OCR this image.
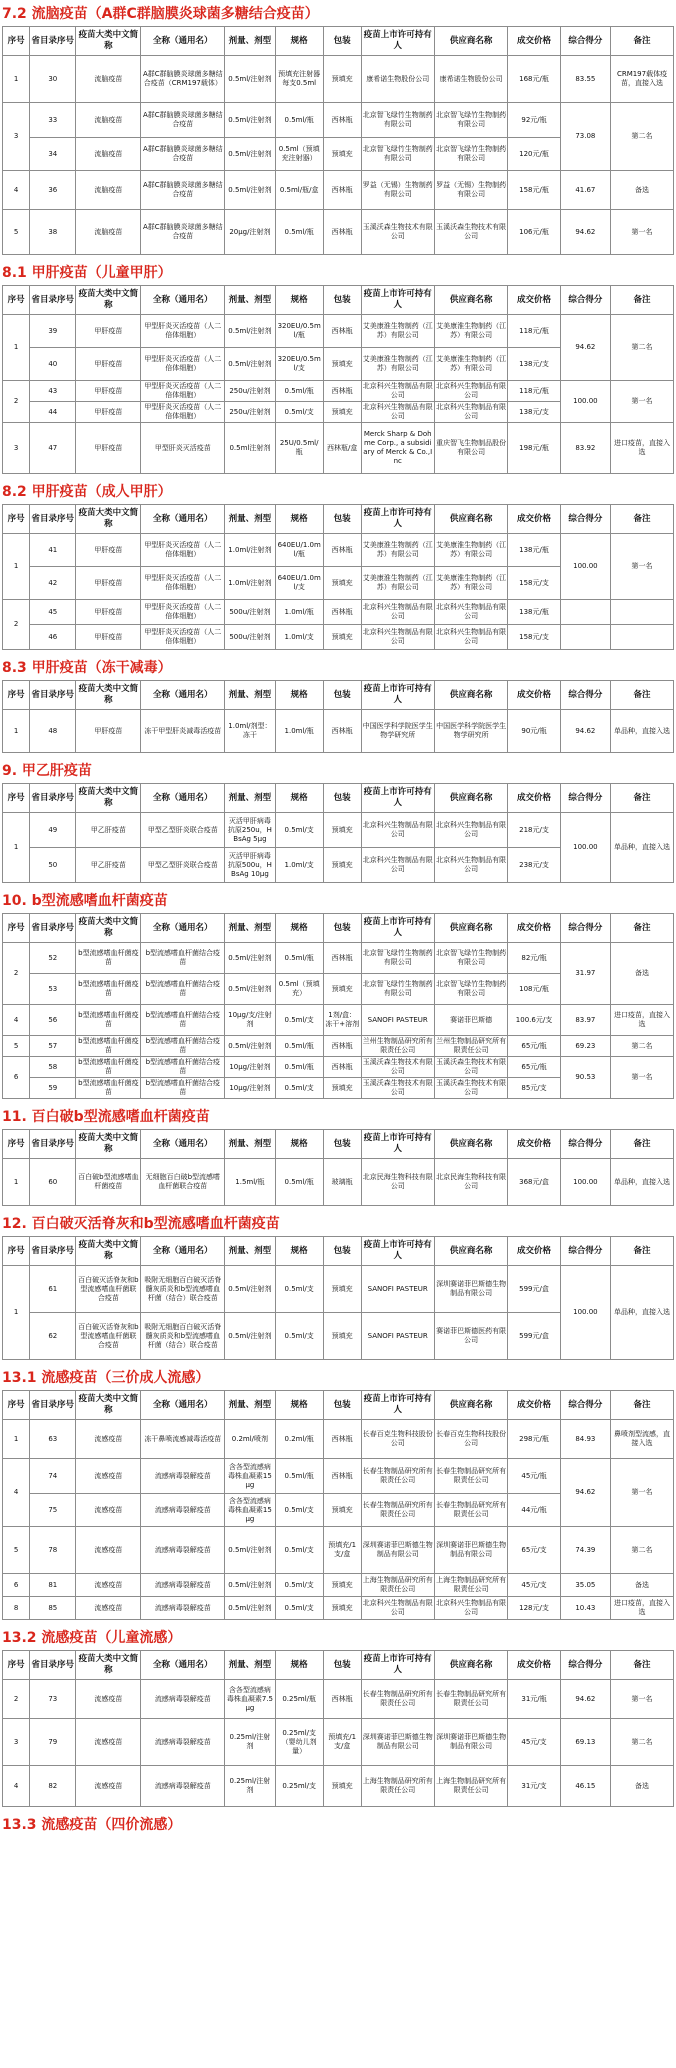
7.2 流脑疫苗（A群C群脑膜炎球菌多糖结合疫苗）
序号	省目录序号	疫苗大类中文简称	全称（通用名）	剂量、剂型	规格	包装	疫苗上市许可持有人	供应商名称	成交价格	综合得分	备注
1	30	流脑疫苗	A群C群脑膜炎球菌多糖结合疫苗（CRM197载体）	0.5ml/注射剂	预填充注射器每支0.5ml	预填充	康希诺生物股份公司	康希诺生物股份公司	168元/瓶	83.55	CRM197载体疫苗，直接入选
3	33	流脑疫苗	A群C群脑膜炎球菌多糖结合疫苗	0.5ml/注射剂	0.5ml/瓶	西林瓶	北京智飞绿竹生物制药有限公司	北京智飞绿竹生物制药有限公司	92元/瓶	73.08	第二名
	34	流脑疫苗	A群C群脑膜炎球菌多糖结合疫苗	0.5ml/注射剂	0.5ml（预填充注射器）	预填充	北京智飞绿竹生物制药有限公司	北京智飞绿竹生物制药有限公司	120元/瓶		
4	36	流脑疫苗	A群C群脑膜炎球菌多糖结合疫苗	0.5ml/注射剂	0.5ml/瓶/盒	西林瓶	罗益（无锡）生物制药有限公司	罗益（无锡）生物制药有限公司	158元/瓶	41.67	备选
5	38	流脑疫苗	A群C群脑膜炎球菌多糖结合疫苗	20μg/注射剂	0.5ml/瓶	西林瓶	玉溪沃森生物技术有限公司	玉溪沃森生物技术有限公司	106元/瓶	94.62	第一名
8.1 甲肝疫苗（儿童甲肝）
序号	省目录序号	疫苗大类中文简称	全称（通用名）	剂量、剂型	规格	包装	疫苗上市许可持有人	供应商名称	成交价格	综合得分	备注
1	39	甲肝疫苗	甲型肝炎灭活疫苗（人二倍体细胞）	0.5ml/注射剂	320EU/0.5ml/瓶	西林瓶	艾美康淮生物制药（江苏）有限公司	艾美康淮生物制药（江苏）有限公司	118元/瓶	94.62	第二名
	40	甲肝疫苗	甲型肝炎灭活疫苗（人二倍体细胞）	0.5ml/注射剂	320EU/0.5ml/支	预填充	艾美康淮生物制药（江苏）有限公司	艾美康淮生物制药（江苏）有限公司	138元/支		
2	43	甲肝疫苗	甲型肝炎灭活疫苗（人二倍体细胞）	250u/注射剂	0.5ml/瓶	西林瓶	北京科兴生物制品有限公司	北京科兴生物制品有限公司	118元/瓶	100.00	第一名
	44	甲肝疫苗	甲型肝炎灭活疫苗（人二倍体细胞）	250u/注射剂	0.5ml/支	预填充	北京科兴生物制品有限公司	北京科兴生物制品有限公司	138元/支		
3	47	甲肝疫苗	甲型肝炎灭活疫苗	0.5ml注射剂	25U/0.5ml/瓶	西林瓶/盒	Merck Sharp & Dohme Corp., a subsidiary of Merck & Co.,Inc	重庆智飞生物制品股份有限公司	198元/瓶	83.92	进口疫苗，直接入选
8.2 甲肝疫苗（成人甲肝）
序号	省目录序号	疫苗大类中文简称	全称（通用名）	剂量、剂型	规格	包装	疫苗上市许可持有人	供应商名称	成交价格	综合得分	备注
1	41	甲肝疫苗	甲型肝炎灭活疫苗（人二倍体细胞）	1.0ml/注射剂	640EU/1.0ml/瓶	西林瓶	艾美康淮生物制药（江苏）有限公司	艾美康淮生物制药（江苏）有限公司	138元/瓶	100.00	第一名
	42	甲肝疫苗	甲型肝炎灭活疫苗（人二倍体细胞）	1.0ml/注射剂	640EU/1.0ml/支	预填充	艾美康淮生物制药（江苏）有限公司	艾美康淮生物制药（江苏）有限公司	158元/支		
2	45	甲肝疫苗	甲型肝炎灭活疫苗（人二倍体细胞）	500u/注射剂	1.0ml/瓶	西林瓶	北京科兴生物制品有限公司	北京科兴生物制品有限公司	138元/瓶		
	46	甲肝疫苗	甲型肝炎灭活疫苗（人二倍体细胞）	500u/注射剂	1.0ml/支	预填充	北京科兴生物制品有限公司	北京科兴生物制品有限公司	158元/支		
8.3 甲肝疫苗（冻干减毒）
序号	省目录序号	疫苗大类中文简称	全称（通用名）	剂量、剂型	规格	包装	疫苗上市许可持有人	供应商名称	成交价格	综合得分	备注
1	48	甲肝疫苗	冻干甲型肝炎减毒活疫苗	1.0ml/剂型：冻干	1.0ml/瓶	西林瓶	中国医学科学院医学生物学研究所	中国医学科学院医学生物学研究所	90元/瓶	94.62	单品种，直接入选
9. 甲乙肝疫苗
序号	省目录序号	疫苗大类中文简称	全称（通用名）	剂量、剂型	规格	包装	疫苗上市许可持有人	供应商名称	成交价格	综合得分	备注
1	49	甲乙肝疫苗	甲型乙型肝炎联合疫苗	灭活甲肝病毒抗原250u，HBsAg 5μg	0.5ml/支	预填充	北京科兴生物制品有限公司	北京科兴生物制品有限公司	218元/支	100.00	单品种，直接入选
	50	甲乙肝疫苗	甲型乙型肝炎联合疫苗	灭活甲肝病毒抗原500u，HBsAg 10μg	1.0ml/支	预填充	北京科兴生物制品有限公司	北京科兴生物制品有限公司	238元/支		
10. b型流感嗜血杆菌疫苗
序号	省目录序号	疫苗大类中文简称	全称（通用名）	剂量、剂型	规格	包装	疫苗上市许可持有人	供应商名称	成交价格	综合得分	备注
2	52	b型流感嗜血杆菌疫苗	b型流感嗜血杆菌结合疫苗	0.5ml/注射剂	0.5ml/瓶	西林瓶	北京智飞绿竹生物制药有限公司	北京智飞绿竹生物制药有限公司	82元/瓶	31.97	备选
	53	b型流感嗜血杆菌疫苗	b型流感嗜血杆菌结合疫苗	0.5ml/注射剂	0.5ml（预填充）	预填充	北京智飞绿竹生物制药有限公司	北京智飞绿竹生物制药有限公司	108元/瓶		
4	56	b型流感嗜血杆菌疫苗	b型流感嗜血杆菌结合疫苗	10μg/支/注射剂	0.5ml/支	1剂/盒：冻干+溶剂	SANOFI PASTEUR	赛诺菲巴斯德	100.6元/支	83.97	进口疫苗，直接入选
5	57	b型流感嗜血杆菌疫苗	b型流感嗜血杆菌结合疫苗	0.5ml/注射剂	0.5ml/瓶	西林瓶	兰州生物制品研究所有限责任公司	兰州生物制品研究所有限责任公司	65元/瓶	69.23	第二名
6	58	b型流感嗜血杆菌疫苗	b型流感嗜血杆菌结合疫苗	10μg/注射剂	0.5ml/瓶	西林瓶	玉溪沃森生物技术有限公司	玉溪沃森生物技术有限公司	65元/瓶	90.53	第一名
	59	b型流感嗜血杆菌疫苗	b型流感嗜血杆菌结合疫苗	10μg/注射剂	0.5ml/支	预填充	玉溪沃森生物技术有限公司	玉溪沃森生物技术有限公司	85元/支		
11. 百白破b型流感嗜血杆菌疫苗
序号	省目录序号	疫苗大类中文简称	全称（通用名）	剂量、剂型	规格	包装	疫苗上市许可持有人	供应商名称	成交价格	综合得分	备注
1	60	百白破b型流感嗜血杆菌疫苗	无细胞百白破b型流感嗜血杆菌联合疫苗	1.5ml/瓶	0.5ml/瓶	玻璃瓶	北京民海生物科技有限公司	北京民海生物科技有限公司	368元/盒	100.00	单品种，直接入选
12. 百白破灭活脊灰和b型流感嗜血杆菌疫苗
序号	省目录序号	疫苗大类中文简称	全称（通用名）	剂量、剂型	规格	包装	疫苗上市许可持有人	供应商名称	成交价格	综合得分	备注
1	61	百白破灭活脊灰和b型流感嗜血杆菌联合疫苗	吸附无细胞百白破灭活脊髓灰质炎和b型流感嗜血杆菌（结合）联合疫苗	0.5ml/注射剂	0.5ml/支	预填充	SANOFI PASTEUR	深圳赛诺菲巴斯德生物制品有限公司	599元/盒	100.00	单品种，直接入选
	62	百白破灭活脊灰和b型流感嗜血杆菌联合疫苗	吸附无细胞百白破灭活脊髓灰质炎和b型流感嗜血杆菌（结合）联合疫苗	0.5ml/注射剂	0.5ml/支	预填充	SANOFI PASTEUR	赛诺菲巴斯德医药有限公司	599元/盒		
13.1 流感疫苗（三价成人流感）
序号	省目录序号	疫苗大类中文简称	全称（通用名）	剂量、剂型	规格	包装	疫苗上市许可持有人	供应商名称	成交价格	综合得分	备注
1	63	流感疫苗	冻干鼻喷流感减毒活疫苗	0.2ml/喷剂	0.2ml/瓶	西林瓶	长春百克生物科技股份公司	长春百克生物科技股份公司	298元/瓶	84.93	鼻喷剂型流感，直接入选
4	74	流感疫苗	流感病毒裂解疫苗	含各型流感病毒株血凝素15μg	0.5ml/瓶	西林瓶	长春生物制品研究所有限责任公司	长春生物制品研究所有限责任公司	45元/瓶	94.62	第一名
	75	流感疫苗	流感病毒裂解疫苗	含各型流感病毒株血凝素15μg	0.5ml/支	预填充	长春生物制品研究所有限责任公司	长春生物制品研究所有限责任公司	44元/瓶		
5	78	流感疫苗	流感病毒裂解疫苗	0.5ml/注射剂	0.5ml/支	预填充/1支/盒	深圳赛诺菲巴斯德生物制品有限公司	深圳赛诺菲巴斯德生物制品有限公司	65元/支	74.39	第二名
6	81	流感疫苗	流感病毒裂解疫苗	0.5ml/注射剂	0.5ml/支	预填充	上海生物制品研究所有限责任公司	上海生物制品研究所有限责任公司	45元/支	35.05	备选
8	85	流感疫苗	流感病毒裂解疫苗	0.5ml/注射剂	0.5ml/支	预填充	北京科兴生物制品有限公司	北京科兴生物制品有限公司	128元/支	10.43	进口疫苗，直接入选
13.2 流感疫苗（儿童流感）
序号	省目录序号	疫苗大类中文简称	全称（通用名）	剂量、剂型	规格	包装	疫苗上市许可持有人	供应商名称	成交价格	综合得分	备注
2	73	流感疫苗	流感病毒裂解疫苗	含各型流感病毒株血凝素7.5μg	0.25ml/瓶	西林瓶	长春生物制品研究所有限责任公司	长春生物制品研究所有限责任公司	31元/瓶	94.62	第一名
3	79	流感疫苗	流感病毒裂解疫苗	0.25ml/注射剂	0.25ml/支（婴幼儿剂量）	预填充/1支/盒	深圳赛诺菲巴斯德生物制品有限公司	深圳赛诺菲巴斯德生物制品有限公司	45元/支	69.13	第二名
4	82	流感疫苗	流感病毒裂解疫苗	0.25ml/注射剂	0.25ml/支	预填充	上海生物制品研究所有限责任公司	上海生物制品研究所有限责任公司	31元/支	46.15	备选
13.3 流感疫苗（四价流感）
